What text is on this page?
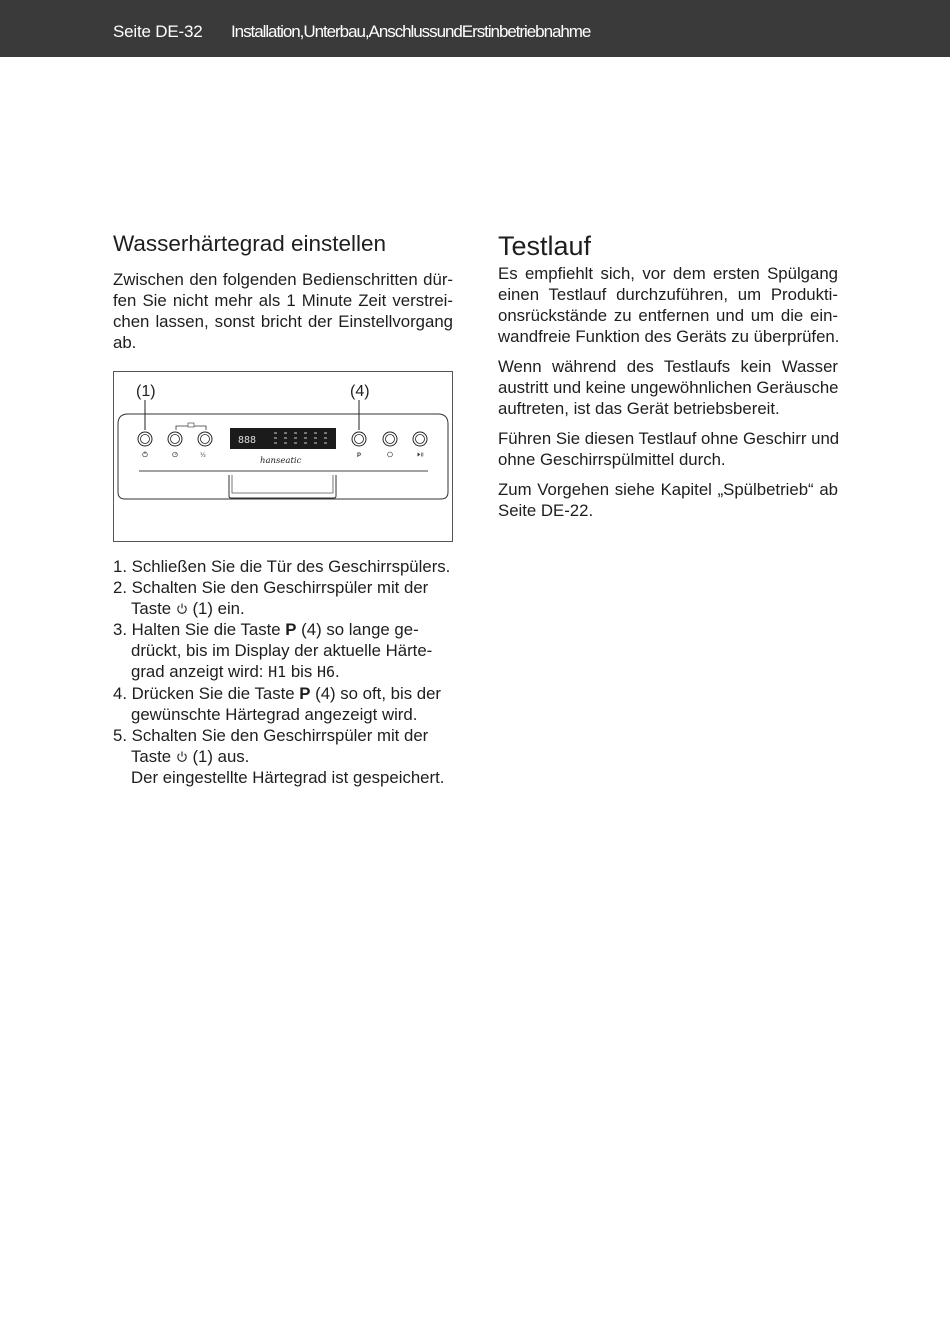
Seite DE-32 Installation,Unterbau,AnschlussundErstinbetriebnahme
Wasserhärtegrad einstellen

Zwischen den folgenden Bedienschritten dür-

fen Sie nicht mehr als 1 Minute Zeit verstrei-

chen lassen, sonst bricht der Einstellvorgang

ab.

(1)	(4)
888
½	P
hanseatic
1. Schließen Sie die Tür des Geschirrspülers.
2. Schalten Sie den Geschirrspüler mit der
Taste  (1) ein.
3. Halten Sie die Taste P (4) so lange ge-
drückt, bis im Display der aktuelle Härte-
grad anzeigt wird: H1 bis H6.
4. Drücken Sie die Taste P (4) so oft, bis der
gewünschte Härtegrad angezeigt wird.
5. Schalten Sie den Geschirrspüler mit der
Taste  (1) aus.
Der eingestellte Härtegrad ist gespeichert.
Testlauf

Es empfiehlt sich, vor dem ersten Spülgang

einen Testlauf durchzuführen, um Produkti-

onsrückstände zu entfernen und um die ein-

wandfreie Funktion des Geräts zu überprüfen.

Wenn während des Testlaufs kein Wasser

austritt und keine ungewöhnlichen Geräusche

auftreten, ist das Gerät betriebsbereit.

Führen Sie diesen Testlauf ohne Geschirr und

ohne Geschirrspülmittel durch.

Zum Vorgehen siehe Kapitel „Spülbetrieb“ ab

Seite DE-22.
